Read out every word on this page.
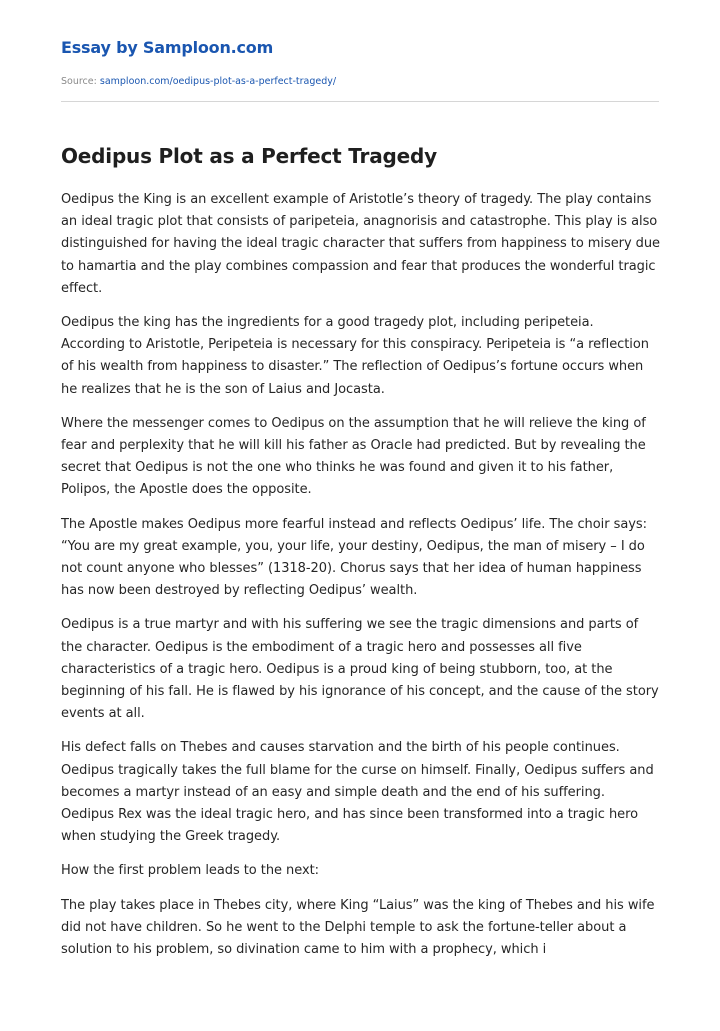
Essay by Samploon.com
Source: samploon.com/oedipus-plot-as-a-perfect-tragedy/
Oedipus Plot as a Perfect Tragedy

Oedipus the King is an excellent example of Aristotle’s theory of tragedy. The play contains an ideal tragic plot that consists of paripeteia, anagnorisis and catastrophe. This play is also distinguished for having the ideal tragic character that suffers from happiness to misery due to hamartia and the play combines compassion and fear that produces the wonderful tragic effect.

Oedipus the king has the ingredients for a good tragedy plot, including peripeteia. According to Aristotle, Peripeteia is necessary for this conspiracy. Peripeteia is “a reflection of his wealth from happiness to disaster.” The reflection of Oedipus’s fortune occurs when he realizes that he is the son of Laius and Jocasta.

Where the messenger comes to Oedipus on the assumption that he will relieve the king of fear and perplexity that he will kill his father as Oracle had predicted. But by revealing the secret that Oedipus is not the one who thinks he was found and given it to his father, Polipos, the Apostle does the opposite.

The Apostle makes Oedipus more fearful instead and reflects Oedipus’ life. The choir says: “You are my great example, you, your life, your destiny, Oedipus, the man of misery – I do not count anyone who blesses” (1318-20). Chorus says that her idea of human happiness has now been destroyed by reflecting Oedipus’ wealth.

Oedipus is a true martyr and with his suffering we see the tragic dimensions and parts of the character. Oedipus is the embodiment of a tragic hero and possesses all five characteristics of a tragic hero. Oedipus is a proud king of being stubborn, too, at the beginning of his fall. He is flawed by his ignorance of his concept, and the cause of the story events at all.

His defect falls on Thebes and causes starvation and the birth of his people continues. Oedipus tragically takes the full blame for the curse on himself. Finally, Oedipus suffers and becomes a martyr instead of an easy and simple death and the end of his suffering. Oedipus Rex was the ideal tragic hero, and has since been transformed into a tragic hero when studying the Greek tragedy.

How the first problem leads to the next:

The play takes place in Thebes city, where King “Laius” was the king of Thebes and his wife did not have children. So he went to the Delphi temple to ask the fortune-teller about a solution to his problem, so divination came to him with a prophecy, which i
